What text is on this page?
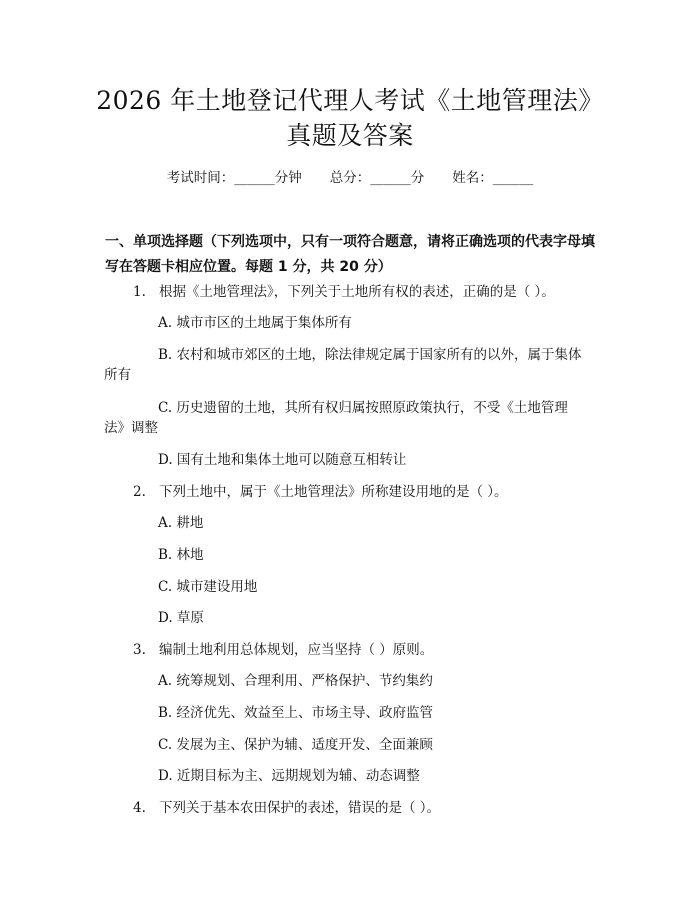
2026 年土地登记代理人考试《土地管理法》
真题及答案
考试时间：______分钟 总分：______分 姓名：______
一、单项选择题（下列选项中，只有一项符合题意，请将正确选项的代表字母填
写在答题卡相应位置。每题 1 分，共 20 分）
1. 根据《土地管理法》，下列关于土地所有权的表述，正确的是（ ）。
A. 城市市区的土地属于集体所有
B. 农村和城市郊区的土地，除法律规定属于国家所有的以外，属于集体
所有
C. 历史遗留的土地，其所有权归属按照原政策执行，不受《土地管理
法》调整
D. 国有土地和集体土地可以随意互相转让
2. 下列土地中，属于《土地管理法》所称建设用地的是（ ）。
A. 耕地
B. 林地
C. 城市建设用地
D. 草原
3. 编制土地利用总体规划，应当坚持（ ）原则。
A. 统筹规划、合理利用、严格保护、节约集约
B. 经济优先、效益至上、市场主导、政府监管
C. 发展为主、保护为辅、适度开发、全面兼顾
D. 近期目标为主、远期规划为辅、动态调整
4. 下列关于基本农田保护的表述，错误的是（ ）。
